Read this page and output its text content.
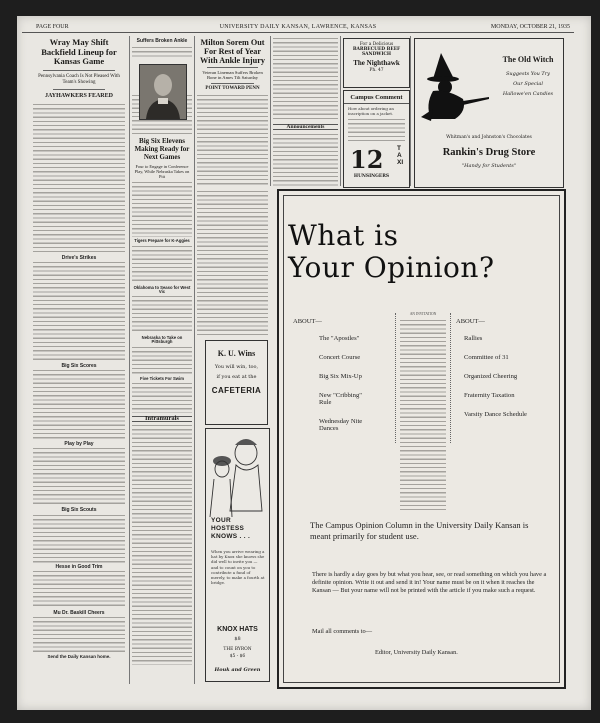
PAGE FOUR	UNIVERSITY DAILY KANSAN, LAWRENCE, KANSAS	MONDAY, OCTOBER 21, 1935
Wray May Shift Backfield Lineup for Kansas Game
Pennsylvania Coach Is Not Pleased With Team's Showing
JAYHAWKERS FEARED
Drive's Strikes
Big Six Scores
Play by Play
Big Six Scouts
Hesse in Good Trim
Mu Dr. Baskill Cheers
Send the Daily Kansan home.
Suffers Broken Ankle
Big Six Elevens Making Ready for Next Games
Four to Engage in Conference Play, While Nebraska Takes on Pitt
Tigers Prepare for K-Aggies
Oklahoma to Seaso for West Vic
Nebraska to Take on Pittsburgh
Five Tickets For Swim
Intramurals
Milton Sorem Out For Rest of Year With Ankle Injury
Veteran Lineman Suffers Broken Bone in Ames Tilt Saturday
POINT TOWARD PENN
K. U. Wins
You will win, too,
if you eat at the
CAFETERIA
YOUR HOSTESS KNOWS . . .
When you arrive wearing a hat by Knox she knows she did well to invite you — and to count on you to contribute a fund of merely, to make a fourth at bridge.
KNOX HATS
$8
THE BYRON
$5 - $6
Houk and Green
Announcements
For a Delicious
BARBECUED BEEF
SANDWICH
The Nighthawk
Ph. 47
Campus Comment
How about ordering an inscription on a jacket.
12 TAXI
HUNSINGERS
The Old Witch
Suggests You Try
Our Special
Hallowe'en Candies
Whitman's and Johnston's Chocolates
Rankin's Drug Store
"Handy for Students"
What is
Your Opinion?
ABOUT—
The "Apostles"
Concert Course
Big Six Mix-Up
New "Cribbing" Rule
Wednesday Nite Dances
AN INVITATION
ABOUT—
Rallies
Committee of 31
Organized Cheering
Fraternity Taxation
Varsity Dance Schedule
The Campus Opinion Column in the University Daily Kansan is meant primarily for student use.
There is hardly a day goes by but what you hear, see, or read something on which you have a definite opinion. Write it out and send it in! Your name must be on it when it reaches the Kansan — But your name will not be printed with the article if you make such a request.
Mail all comments to—
Editor, University Daily Kansan.
